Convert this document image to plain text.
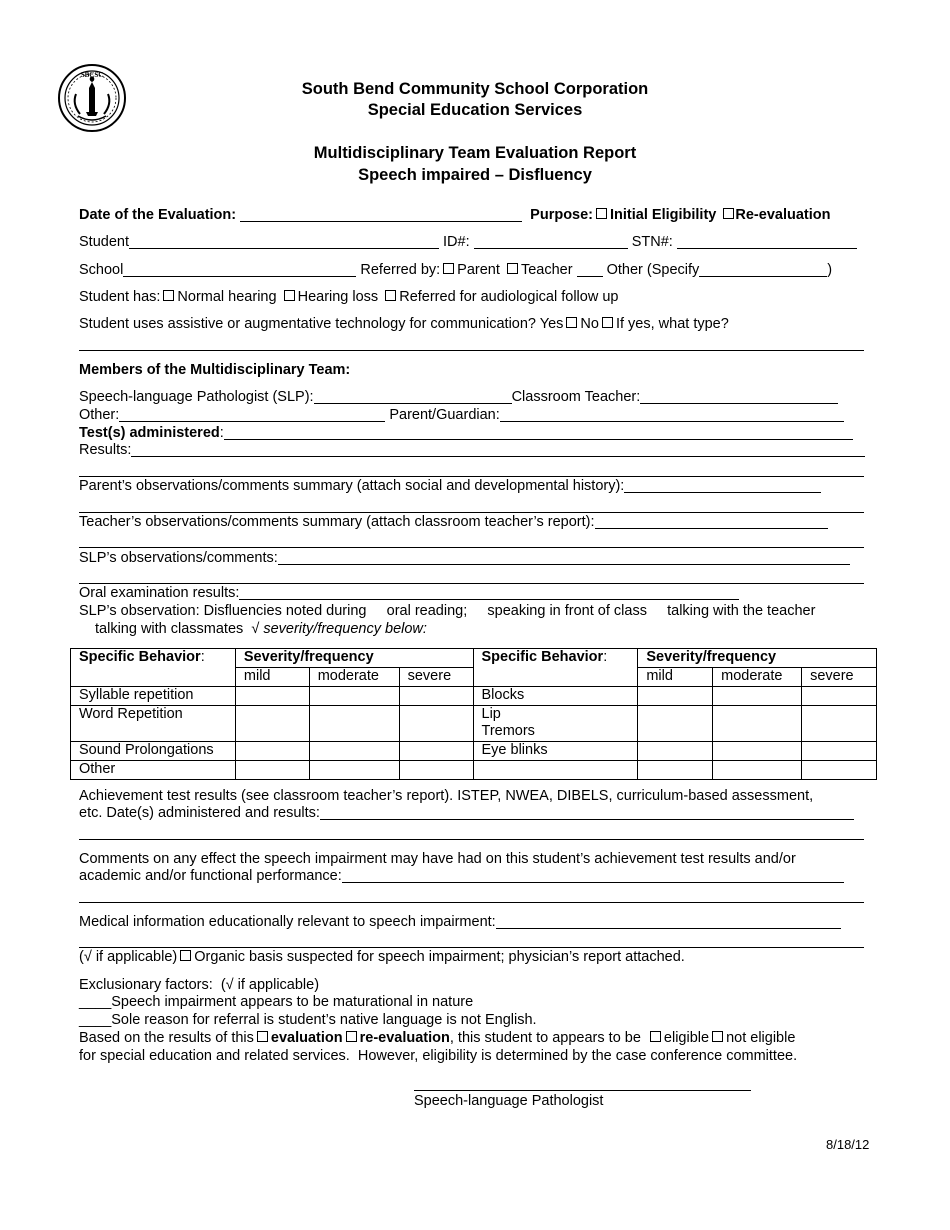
SBCSC
South Bend Community School Corporation
Special Education Services
Multidisciplinary Team Evaluation Report
Speech impaired – Disfluency
Date of the Evaluation:	Purpose: Initial Eligibility Re-evaluation
Student	ID#:	STN#:
School	Referred by: Parent Teacher Other (Specify	)
Student has: Normal hearing Hearing loss Referred for audiological follow up
Student uses assistive or augmentative technology for communication? Yes No If yes, what type?
Members of the Multidisciplinary Team:
Speech-language Pathologist (SLP):	Classroom Teacher:
Other:	Parent/Guardian:
Test(s) administered:
Results:
Parent’s observations/comments summary (attach social and developmental history):
Teacher’s observations/comments summary (attach classroom teacher’s report):
SLP’s observations/comments:
Oral examination results:
SLP’s observation: Disfluencies noted during     oral reading;     speaking in front of class     talking with the teacher
talking with classmates  √ severity/frequency below:
Specific Behavior:	Severity/frequency			Specific Behavior:	Severity/frequency		
	mild	moderate	severe		mild	moderate	severe
Syllable repetition				Blocks			
Word Repetition				Lip
Tremors			

Sound Prolongations				Eye blinks			
Other							
Achievement test results (see classroom teacher’s report). ISTEP, NWEA, DIBELS, curriculum-based assessment,
etc. Date(s) administered and results:
Comments on any effect the speech impairment may have had on this student’s achievement test results and/or
academic and/or functional performance:
Medical information educationally relevant to speech impairment:
(√ if applicable) Organic basis suspected for speech impairment; physician’s report attached.
Exclusionary factors:  (√ if applicable)
____Speech impairment appears to be maturational in nature
____Sole reason for referral is student’s native language is not English.
Based on the results of this evaluation re-evaluation, this student to appears to be eligible not eligible
for special education and related services.  However, eligibility is determined by the case conference committee.
Speech-language Pathologist
8/18/12
